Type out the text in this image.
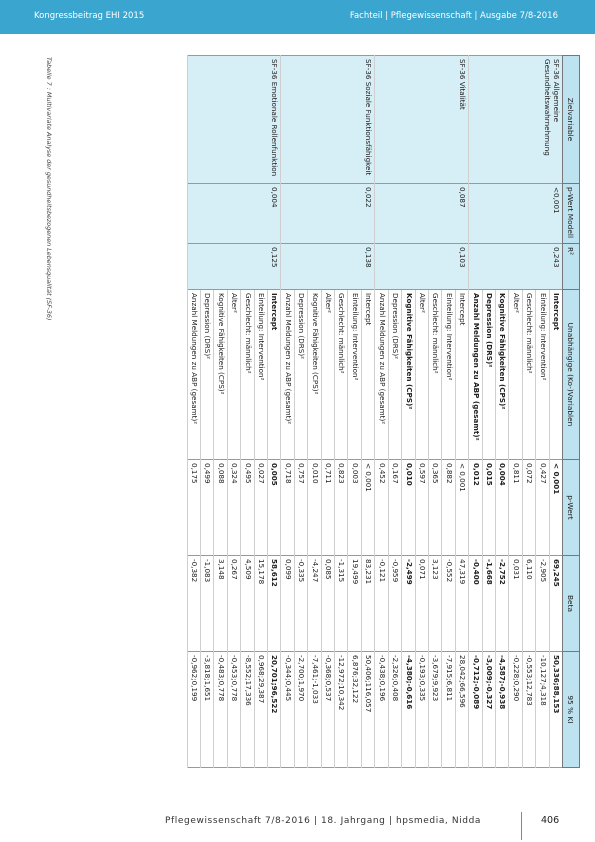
Kongressbeitrag EHI 2015	Fachteil | Pflegewissenschaft | Ausgabe 7/8-2016
Zielvariable	p-Wert Modell	R²	Unabhängige (Ko-)Variablen	p-Wert	Beta	95 % KI
SF-36 Allgemeine Gesundheitswahrnehmung	<0,001	0,243	Intercept	< 0,001	69,245	50,336;88,153
			Einteilung: Intervention²	0,427	-2,905	-10,127;4,318
			Geschlecht: männlich²	0,072	6,110	-0,553;12,783
			Alter²	0,811	0,031	-0,228;0,290
			Kognitive Fähigkeiten (CPS)²	0,004	-2,752	-4,587;-0,938
			Depression (DRS)²	0,015	-1,668	-3,009;-0,327
			Anzahl Meldungen zu ABP (gesamt)²	0,012	-0,400	-0,712;-0,089
SF-36 Vitalität	0,087	0,103	Intercept	< 0,001	47,319	28,042;66,596
			Einteilung: Intervention²	0,882	-0,552	-7,915;6,811
			Geschlecht: männlich²	0,365	3,123	-3,679;9,923
			Alter²	0,597	0,071	-0,193;0,335
			Kognitive Fähigkeiten (CPS)²	0,010	-2,499	-4,380;-0,616
			Depression (DRS)²	0,167	-0,959	-2,326;0,408
			Anzahl Meldungen zu ABP (gesamt)²	0,452	-0,121	-0,438;0,196
SF-36 Soziale Funktionsfähigkeit	0,022	0,138	Intercept	< 0,001	83,231	50,406;116,057
			Einteilung: Intervention²	0,003	19,499	6,876;32,122
			Geschlecht: männlich²	0,823	-1,315	-12,972;10,342
			Alter²	0,711	0,085	-0,368;0,537
			Kognitive Fähigkeiten (CPS)²	0,010	-4,247	-7,461;-1,033
			Depression (DRS)²	0,757	-0,335	-2,700;1,970
			Anzahl Meldungen zu ABP (gesamt)²	0,718	0,099	-0,344;0,445
SF-36 Emotionale Rollenfunktion	0,004	0,125	Intercept	0,005	58,612	20,701;96,522
			Einteilung: Intervention²	0,027	15,178	0,968;29,387
			Geschlecht: männlich²	0,495	4,509	-8,552;17,336
			Alter²	0,324	0,267	-0,453;0,778
			Kognitive Fähigkeiten (CPS)²	0,088	3,148	-0,483;0,778
			Depression (DRS)²	0,499	-1,083	-3,818;1,651
			Anzahl Meldungen zu ABP (gesamt)²	0,175	-0,382	-0,962;0,199
Tabelle 7 : Multivariate Analyse der gesundheitsbezogenen Lebensqualität (SF-36)
Pflegewissenschaft 7/8-2016 | 18. Jahrgang | hpsmedia, Nidda	406
